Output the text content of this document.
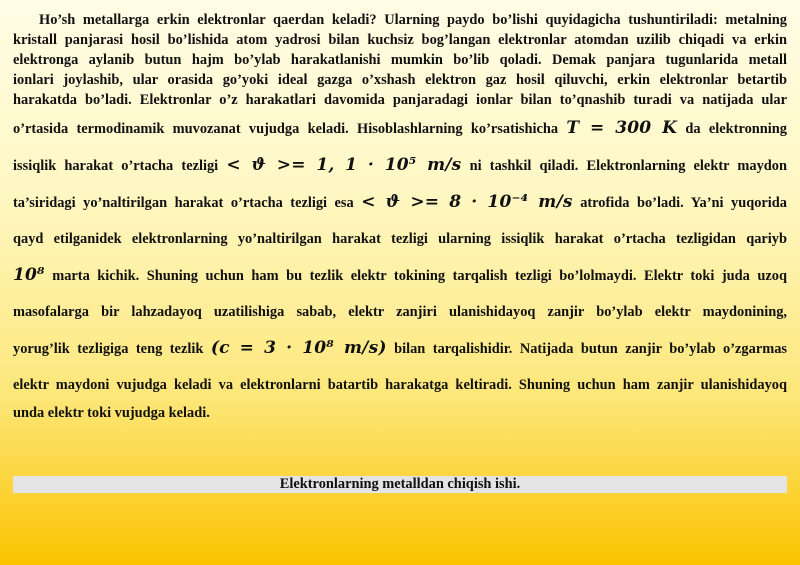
Ho’sh metallarga erkin elektronlar qaerdan keladi? Ularning paydo bo’lishi quyidagicha tushuntiriladi: metalning
kristall panjarasi hosil bo’lishida atom yadrosi bilan kuchsiz bog’langan elektronlar atomdan uzilib chiqadi va erkin
elektronga aylanib butun hajm bo’ylab harakatlanishi mumkin bo’lib qoladi. Demak panjara tugunlarida metall
ionlari joylashib, ular orasida go’yoki ideal gazga o’xshash elektron gaz hosil qiluvchi, erkin elektronlar betartib
harakatda bo’ladi. Elektronlar o’z harakatlari davomida panjaradagi ionlar bilan to’qnashib turadi va natijada ular
o’rtasida termodinamik muvozanat vujudga keladi. Hisoblashlarning ko’rsatishicha T = 300 K da elektronning
issiqlik harakat o’rtacha tezligi < ϑ >= 1, 1 · 10⁵ m/s ni tashkil qiladi. Elektronlarning elektr maydon
ta’siridagi yo’naltirilgan harakat o’rtacha tezligi esa < ϑ >= 8 · 10⁻⁴ m/s atrofida bo’ladi. Ya’ni yuqorida
qayd etilganidek elektronlarning yo’naltirilgan harakat tezligi ularning issiqlik harakat o’rtacha tezligidan qariyb
10⁸ marta kichik. Shuning uchun ham bu tezlik elektr tokining tarqalish tezligi bo’lolmaydi. Elektr toki juda uzoq
masofalarga bir lahzadayoq uzatilishiga sabab, elektr zanjiri ulanishidayoq zanjir bo’ylab elektr maydonining,
yorug’lik tezligiga teng tezlik (c = 3 · 10⁸ m/s) bilan tarqalishidir. Natijada butun zanjir bo’ylab o’zgarmas
elektr maydoni vujudga keladi va elektronlarni batartib harakatga keltiradi. Shuning uchun ham zanjir ulanishidayoq
unda elektr toki vujudga keladi.
Elektronlarning metalldan chiqish ishi.
